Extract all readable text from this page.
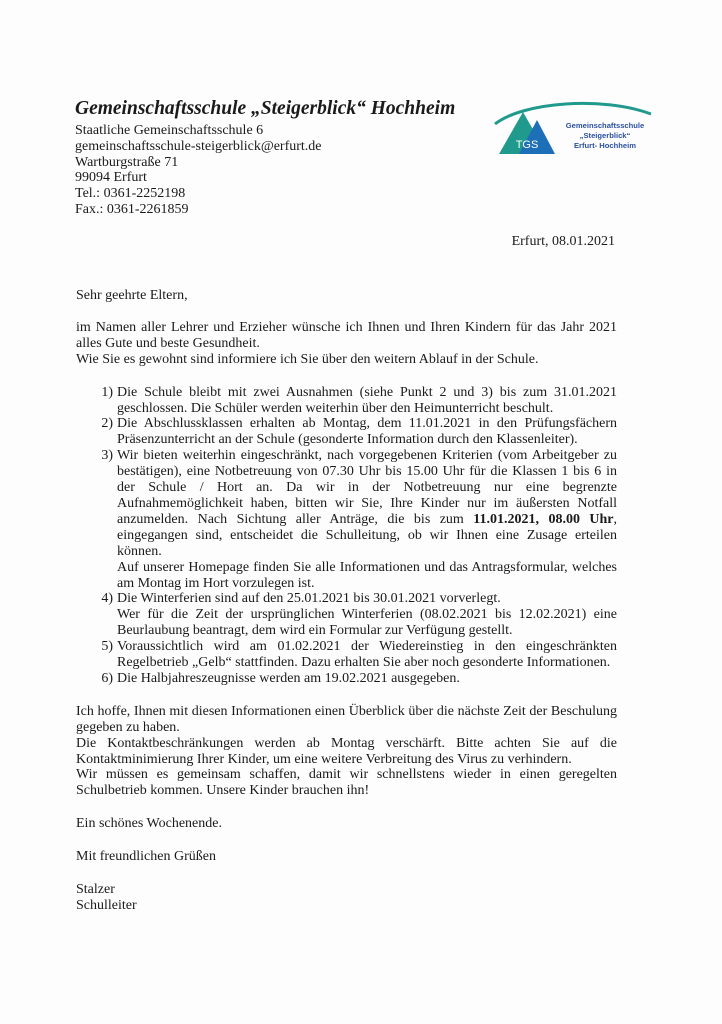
Gemeinschaftsschule „Steigerblick“ Hochheim
Staatliche Gemeinschaftsschule 6
gemeinschaftsschule-steigerblick@erfurt.de
Wartburgstraße 71
99094 Erfurt
Tel.: 0361-2252198
Fax.: 0361-2261859
TGS
Gemeinschaftsschule
„Steigerblick“
Erfurt- Hochheim
Erfurt, 08.01.2021

Sehr geehrte Eltern,

im Namen aller Lehrer und Erzieher wünsche ich Ihnen und Ihren Kindern für das Jahr 2021 alles Gute und beste Gesundheit.

Wie Sie es gewohnt sind informiere ich Sie über den weitern Ablauf in der Schule.

1) Die Schule bleibt mit zwei Ausnahmen (siehe Punkt 2 und 3) bis zum 31.01.2021 geschlossen. Die Schüler werden weiterhin über den Heimunterricht beschult.

2) Die Abschlussklassen erhalten ab Montag, dem 11.01.2021 in den Prüfungsfächern Präsenzunterricht an der Schule (gesonderte Information durch den Klassenleiter).

3) Wir bieten weiterhin eingeschränkt, nach vorgegebenen Kriterien (vom Arbeitgeber zu bestätigen), eine Notbetreuung von 07.30 Uhr bis 15.00 Uhr für die Klassen 1 bis 6 in der Schule / Hort an. Da wir in der Notbetreuung nur eine begrenzte Aufnahmemöglichkeit haben, bitten wir Sie, Ihre Kinder nur im äußersten Notfall anzumelden. Nach Sichtung aller Anträge, die bis zum 11.01.2021, 08.00 Uhr, eingegangen sind, entscheidet die Schulleitung, ob wir Ihnen eine Zusage erteilen können.

Auf unserer Homepage finden Sie alle Informationen und das Antragsformular, welches am Montag im Hort vorzulegen ist.

4) Die Winterferien sind auf den 25.01.2021 bis 30.01.2021 vorverlegt.

Wer für die Zeit der ursprünglichen Winterferien (08.02.2021 bis 12.02.2021) eine Beurlaubung beantragt, dem wird ein Formular zur Verfügung gestellt.

5) Voraussichtlich wird am 01.02.2021 der Wiedereinstieg in den eingeschränkten Regelbetrieb „Gelb“ stattfinden. Dazu erhalten Sie aber noch gesonderte Informationen.

6) Die Halbjahreszeugnisse werden am 19.02.2021 ausgegeben.

Ich hoffe, Ihnen mit diesen Informationen einen Überblick über die nächste Zeit der Beschulung gegeben zu haben.

Die Kontaktbeschränkungen werden ab Montag verschärft. Bitte achten Sie auf die Kontaktminimierung Ihrer Kinder, um eine weitere Verbreitung des Virus zu verhindern.

Wir müssen es gemeinsam schaffen, damit wir schnellstens wieder in einen geregelten Schulbetrieb kommen. Unsere Kinder brauchen ihn!

Ein schönes Wochenende.

Mit freundlichen Grüßen

Stalzer

Schulleiter
